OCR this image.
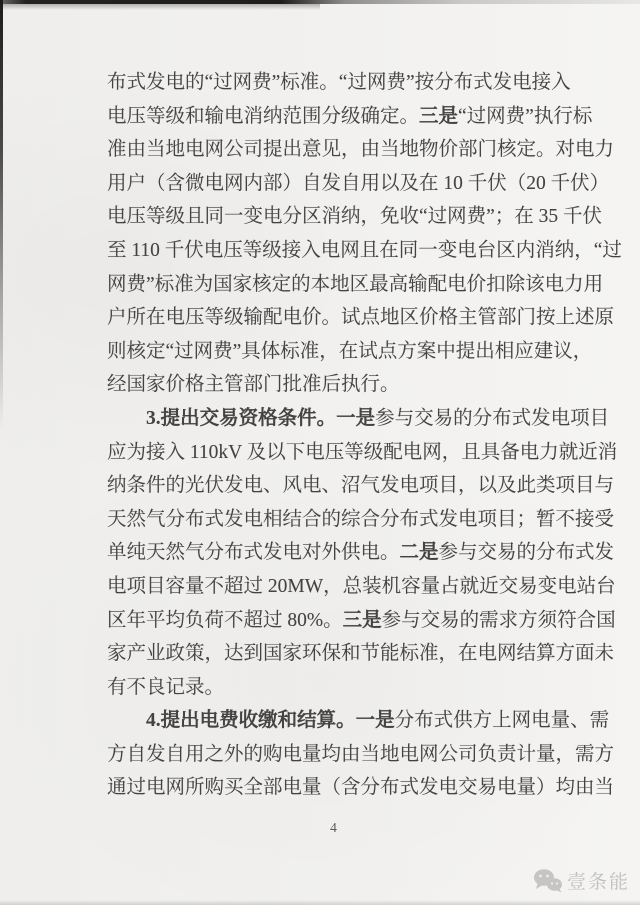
布式发电的“过网费”标准。“过网费”按分布式发电接入
电压等级和输电消纳范围分级确定。三是“过网费”执行标
准由当地电网公司提出意见，由当地物价部门核定。对电力
用户（含微电网内部）自发自用以及在 10 千伏（20 千伏）
电压等级且同一变电分区消纳，免收“过网费”；在 35 千伏
至 110 千伏电压等级接入电网且在同一变电台区内消纳，“过
网费”标准为国家核定的本地区最高输配电价扣除该电力用
户所在电压等级输配电价。试点地区价格主管部门按上述原
则核定“过网费”具体标准，在试点方案中提出相应建议，
经国家价格主管部门批准后执行。
3.提出交易资格条件。一是参与交易的分布式发电项目
应为接入 110kV 及以下电压等级配电网，且具备电力就近消
纳条件的光伏发电、风电、沼气发电项目，以及此类项目与
天然气分布式发电相结合的综合分布式发电项目；暂不接受
单纯天然气分布式发电对外供电。二是参与交易的分布式发
电项目容量不超过 20MW，总装机容量占就近交易变电站台
区年平均负荷不超过 80%。三是参与交易的需求方须符合国
家产业政策，达到国家环保和节能标准，在电网结算方面未
有不良记录。
4.提出电费收缴和结算。一是分布式供方上网电量、需
方自发自用之外的购电量均由当地电网公司负责计量，需方
通过电网所购买全部电量（含分布式发电交易电量）均由当
4
壹条能
